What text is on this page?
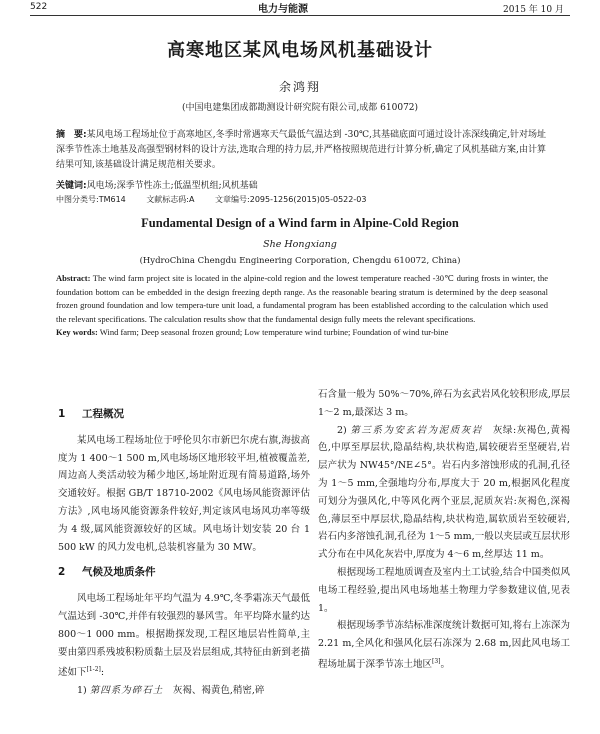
522	电力与能源	2015 年 10 月
高寒地区某风电场风机基础设计
余鸿翔
(中国电建集团成都勘测设计研究院有限公司,成都 610072)
摘　要:某风电场工程场址位于高寒地区,冬季时常遇寒天气最低气温达到 -30℃,其基础底面可通过设计冻深线确定,针对场址深季节性冻土地基及高强型钢材料的设计方法,选取合理的持力层,并严格按照规范进行计算分析,确定了风机基础方案,由计算结果可知,该基础设计满足规范相关要求。
关键词:风电场;深季节性冻土;低温型机组;风机基础
中图分类号:TM614	文献标志码:A	文章编号:2095-1256(2015)05-0522-03
Fundamental Design of a Wind farm in Alpine-Cold Region
She Hongxiang
(HydroChina Chengdu Engineering Corporation, Chengdu 610072, China)
Abstract: The wind farm project site is located in the alpine-cold region and the lowest temperature reached -30℃ during frosts in winter, the foundation bottom can be embedded in the design freezing depth range. As the reasonable bearing stratum is determined by the deep seasonal frozen ground foundation and low tempera-ture unit load, a fundamental program has been established according to the calculation which used the relevant specifications. The calculation results show that the fundamental design fully meets the relevant specifications.
Key words: Wind farm; Deep seasonal frozen ground; Low temperature wind turbine; Foundation of wind tur-bine
1 工程概况

某风电场工程场址位于呼伦贝尔市新巴尔虎右旗,海拔高度为 1 400～1 500 m,风电场场区地形较平坦,植被覆盖差,周边高人类活动较为稀少地区,场址附近现有简易道路,场外交通较好。根据 GB/T 18710-2002《风电场风能资源评估方法》,风电场风能资源条件较好,判定该风电场风功率等级为 4 级,属风能资源较好的区域。风电场计划安装 20 台 1 500 kW 的风力发电机,总装机容量为 30 MW。

2 气候及地质条件

风电场工程场址年平均气温为 4.9℃,冬季霜冻天气最低气温达到 -30℃,并伴有较强烈的暴风雪。年平均降水量约达 800～1 000 mm。根据勘探发现,工程区地层岩性简单,主要由第四系残坡积粉质黏土层及岩层组成,其特征由新到老描述如下[1-2]:

1) 第四系为碎石土　 灰褐、褐黄色,稍密,碎

石含量一般为 50%～70%,碎石为玄武岩风化较积形成,厚层 1～2 m,最深达 3 m。

2) 第三系为安玄岩为泥质灰岩　 灰绿:灰褐色,黄褐色,中厚至厚层状,隐晶结构,块状构造,属较硬岩至坚硬岩,岩层产状为 NW45°/NE∠5°。岩石内多溶蚀形成的孔洞,孔径为 1～5 mm,全强地均分布,厚度大于 20 m,根据风化程度可划分为强风化,中等风化两个亚层,泥质灰岩:灰褐色,深褐色,薄层至中厚层状,隐晶结构,块状构造,属软质岩至较硬岩,岩石内多溶蚀孔洞,孔径为 1～5 mm,一般以夹层或互层状形式分布在中风化灰岩中,厚度为 4～6 m,丝厚达 11 m。

根据现场工程地质调查及室内土工试验,结合中国类似风电场工程经验,提出风电场地基土物理力学参数建议值,见表 1。

根据现场季节冻结标准深度统计数据可知,将右上冻深为 2.21 m,全风化和强风化层石冻深为 2.68 m,因此风电场工程场址属于深季节冻土地区[3]。
